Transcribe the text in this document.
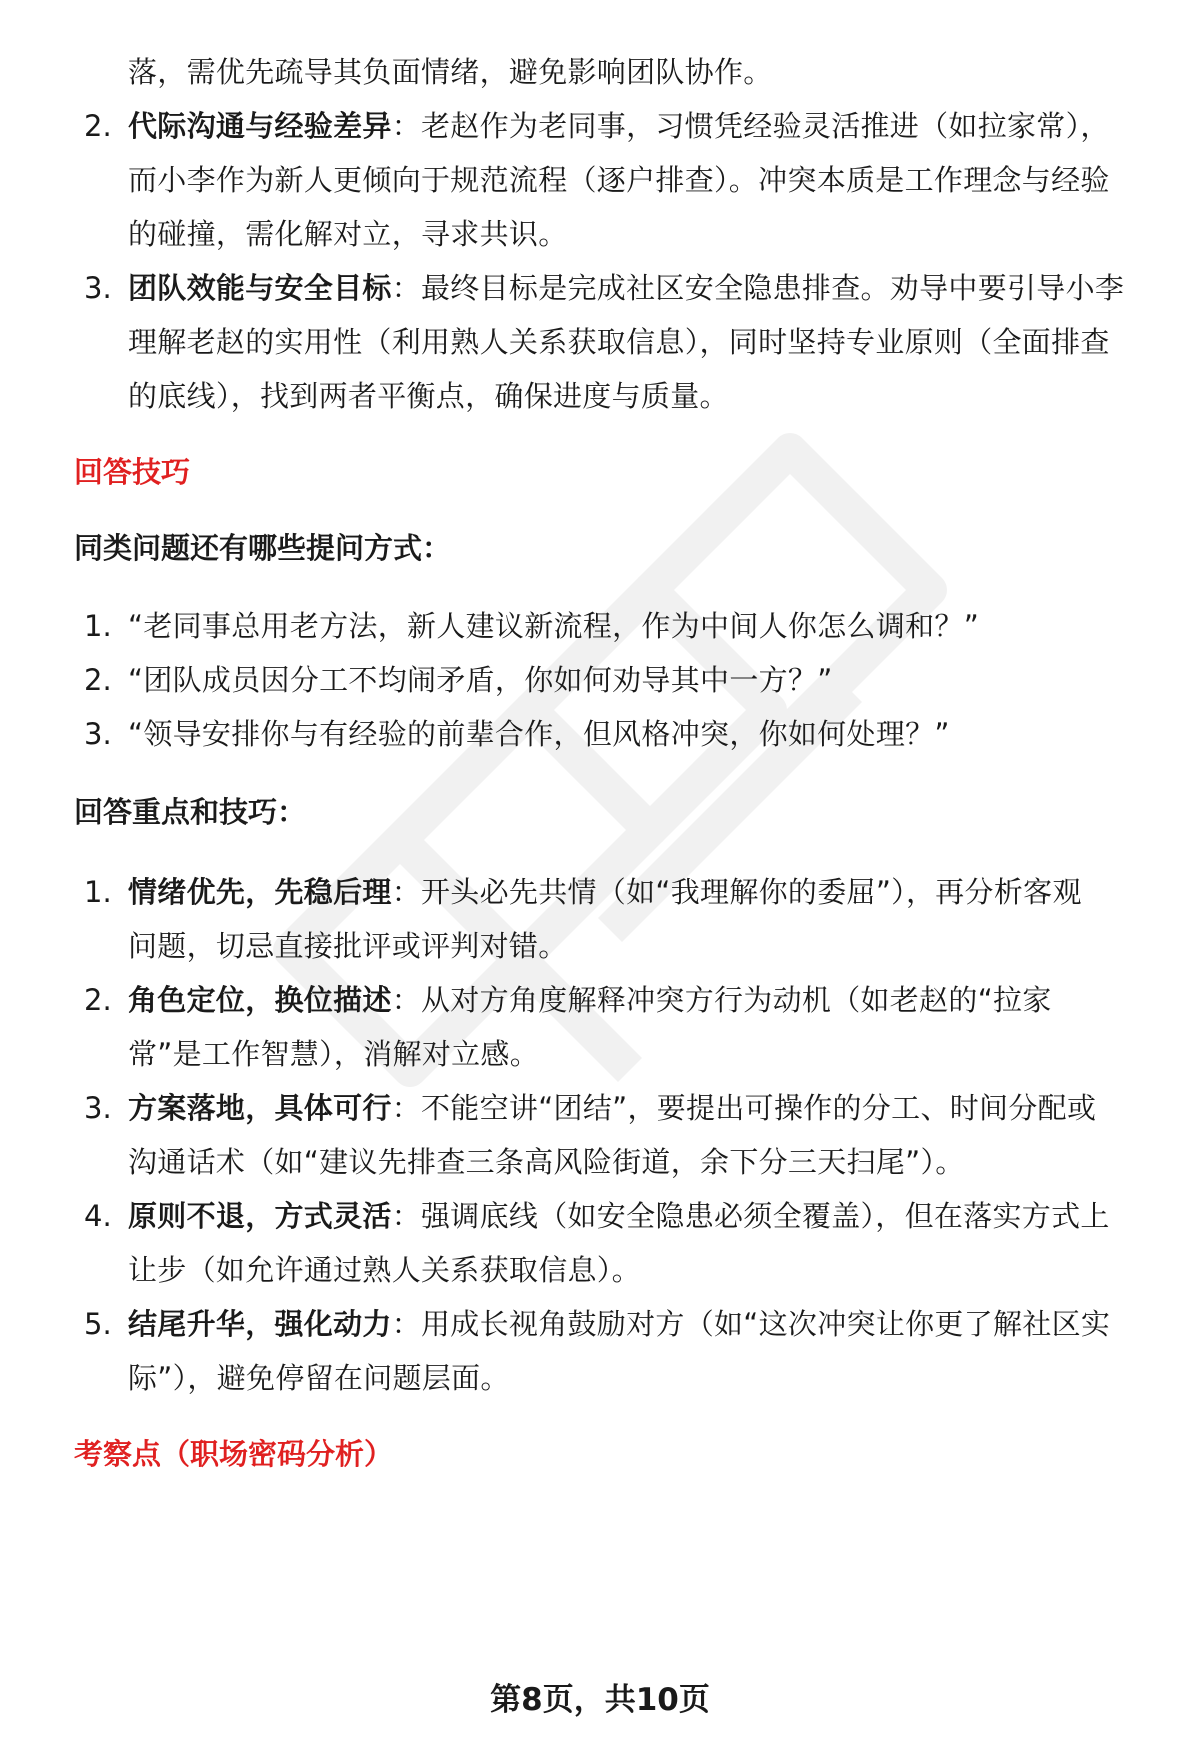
落，需优先疏导其负面情绪，避免影响团队协作。
2. 代际沟通与经验差异：老赵作为老同事，习惯凭经验灵活推进（如拉家常），
而小李作为新人更倾向于规范流程（逐户排查）。冲突本质是工作理念与经验
的碰撞，需化解对立，寻求共识。
3. 团队效能与安全目标：最终目标是完成社区安全隐患排查。劝导中要引导小李
理解老赵的实用性（利用熟人关系获取信息），同时坚持专业原则（全面排查
的底线），找到两者平衡点，确保进度与质量。
回答技巧
同类问题还有哪些提问方式：
1. “老同事总用老方法，新人建议新流程，作为中间人你怎么调和？”
2. “团队成员因分工不均闹矛盾，你如何劝导其中一方？”
3. “领导安排你与有经验的前辈合作，但风格冲突，你如何处理？”
回答重点和技巧：
1. 情绪优先，先稳后理：开头必先共情（如“我理解你的委屈”），再分析客观
问题，切忌直接批评或评判对错。
2. 角色定位，换位描述：从对方角度解释冲突方行为动机（如老赵的“拉家
常”是工作智慧），消解对立感。
3. 方案落地，具体可行：不能空讲“团结”，要提出可操作的分工、时间分配或
沟通话术（如“建议先排查三条高风险街道，余下分三天扫尾”）。
4. 原则不退，方式灵活：强调底线（如安全隐患必须全覆盖），但在落实方式上
让步（如允许通过熟人关系获取信息）。
5. 结尾升华，强化动力：用成长视角鼓励对方（如“这次冲突让你更了解社区实
际”），避免停留在问题层面。
考察点（职场密码分析）
第8页，共10页
